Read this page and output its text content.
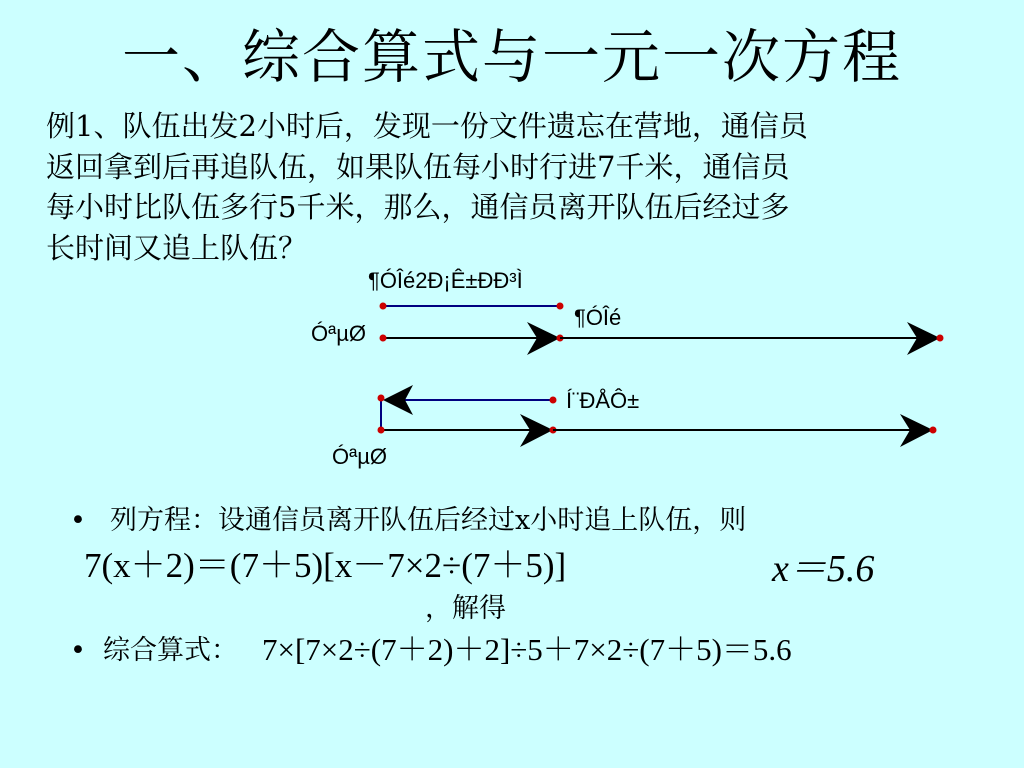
一、综合算式与一元一次方程
例1、队伍出发2小时后，发现一份文件遗忘在营地，通信员
返回拿到后再追队伍，如果队伍每小时行进7千米，通信员
每小时比队伍多行5千米，那么，通信员离开队伍后经过多
长时间又追上队伍？
¶ÓÎé2Ð¡Ê±ÐÐ³Ì
¶ÓÎé
ÓªµØ
Í¨ÐÅÔ±
ÓªµØ
• 列方程：设通信员离开队伍后经过x小时追上队伍，则
7(x＋2)＝(7＋5)[x－7×2÷(7＋5)]	x＝5.6
，解得
• 综合算式： 7×[7×2÷(7＋2)＋2]÷5＋7×2÷(7＋5)＝5.6
